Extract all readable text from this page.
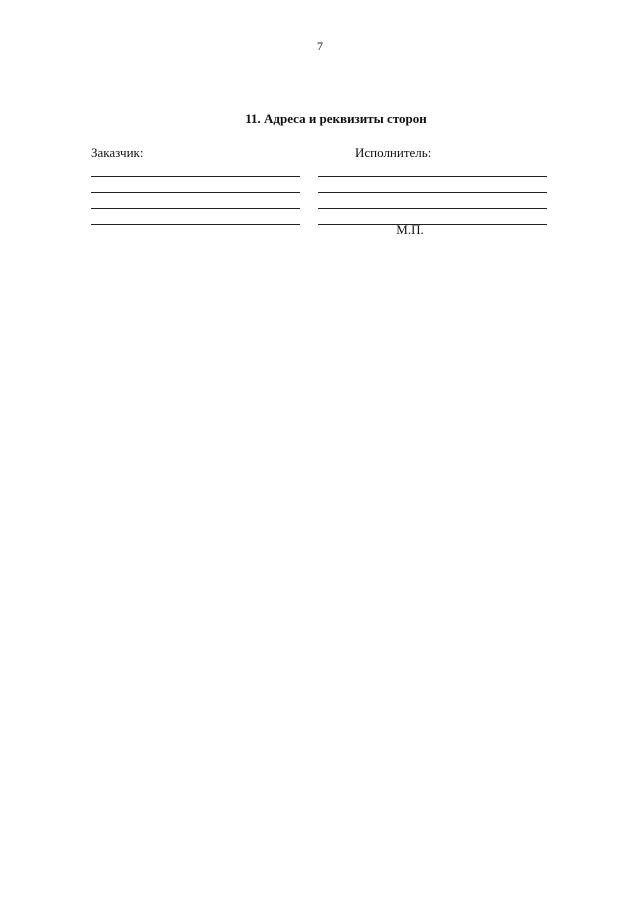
7
11. Адреса и реквизиты сторон
Заказчик:	Исполнитель:
М.П.
